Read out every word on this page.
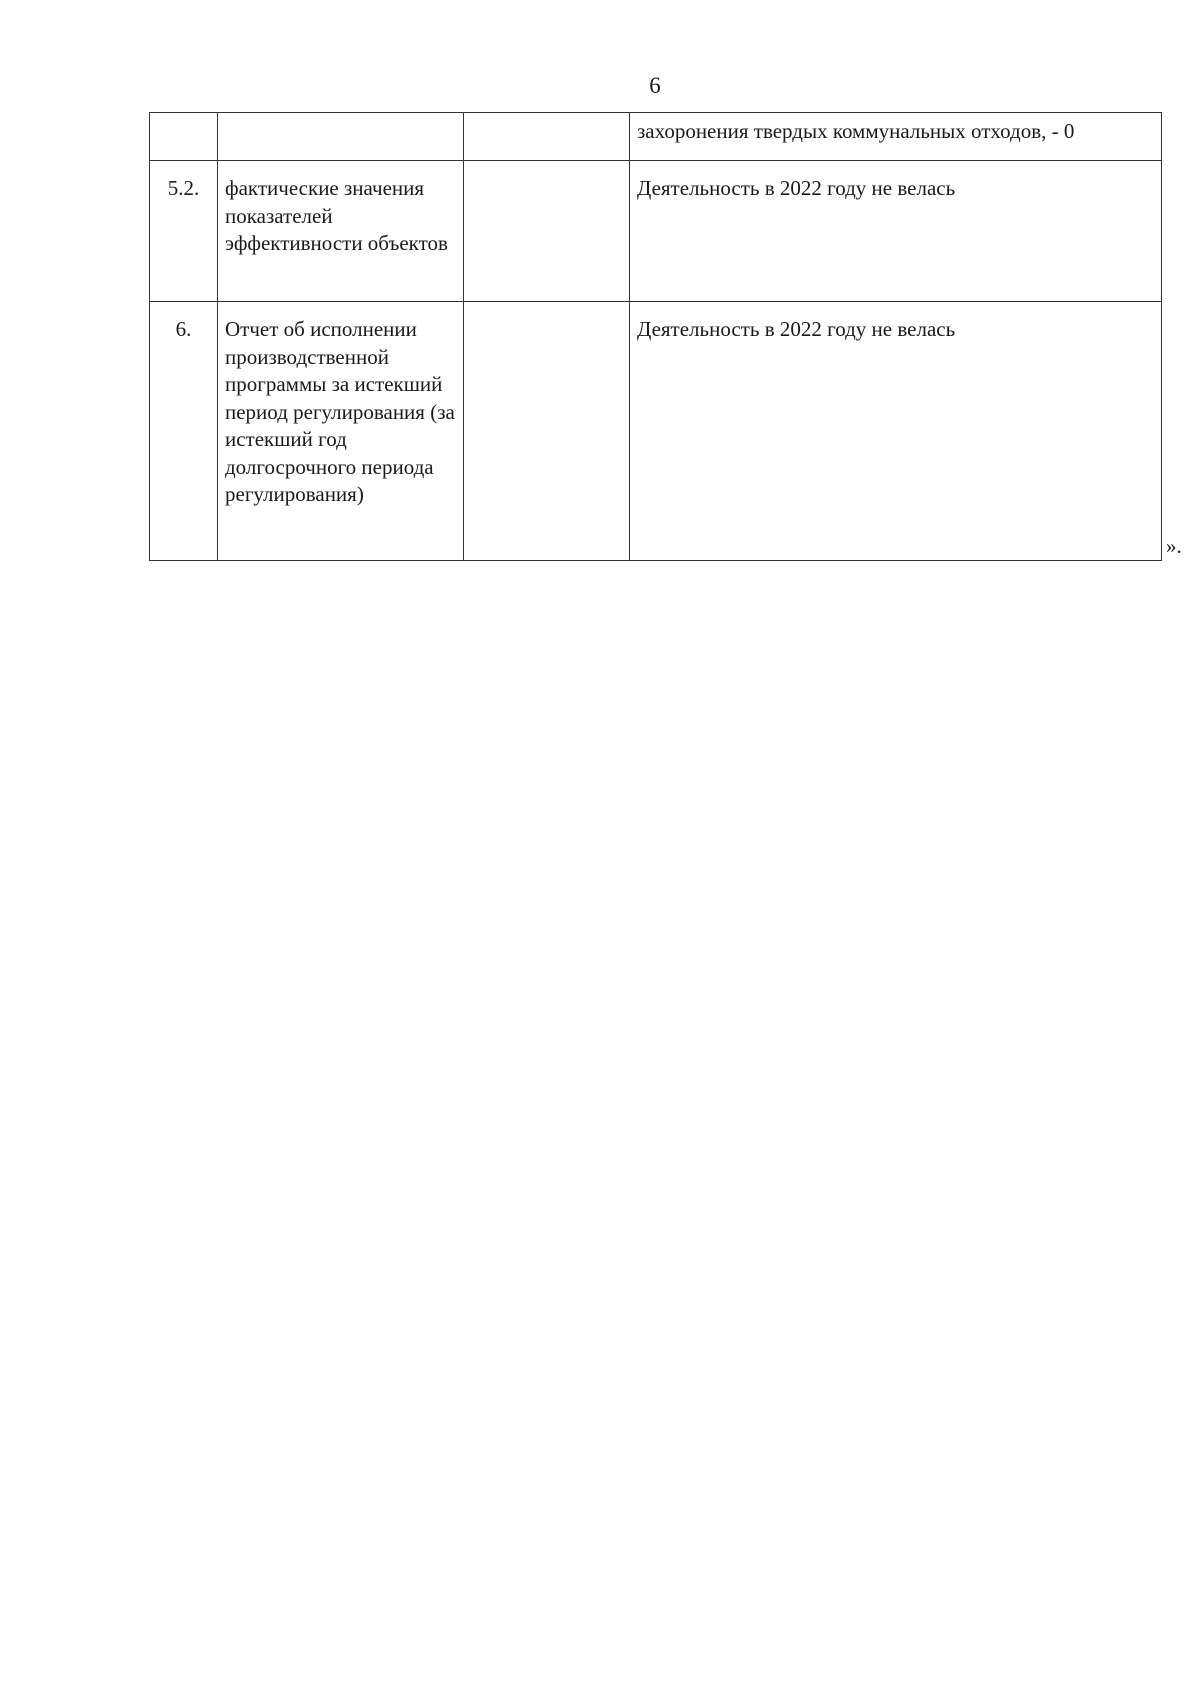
6
			захоронения твердых коммунальных отходов, - 0
5.2.	фактические значения показателей эффективности объектов		Деятельность в 2022 году не велась
6.	Отчет об исполнении производственной программы за истекший период регулирования (за истекший год долгосрочного периода регулирования)		Деятельность в 2022 году не велась
».
